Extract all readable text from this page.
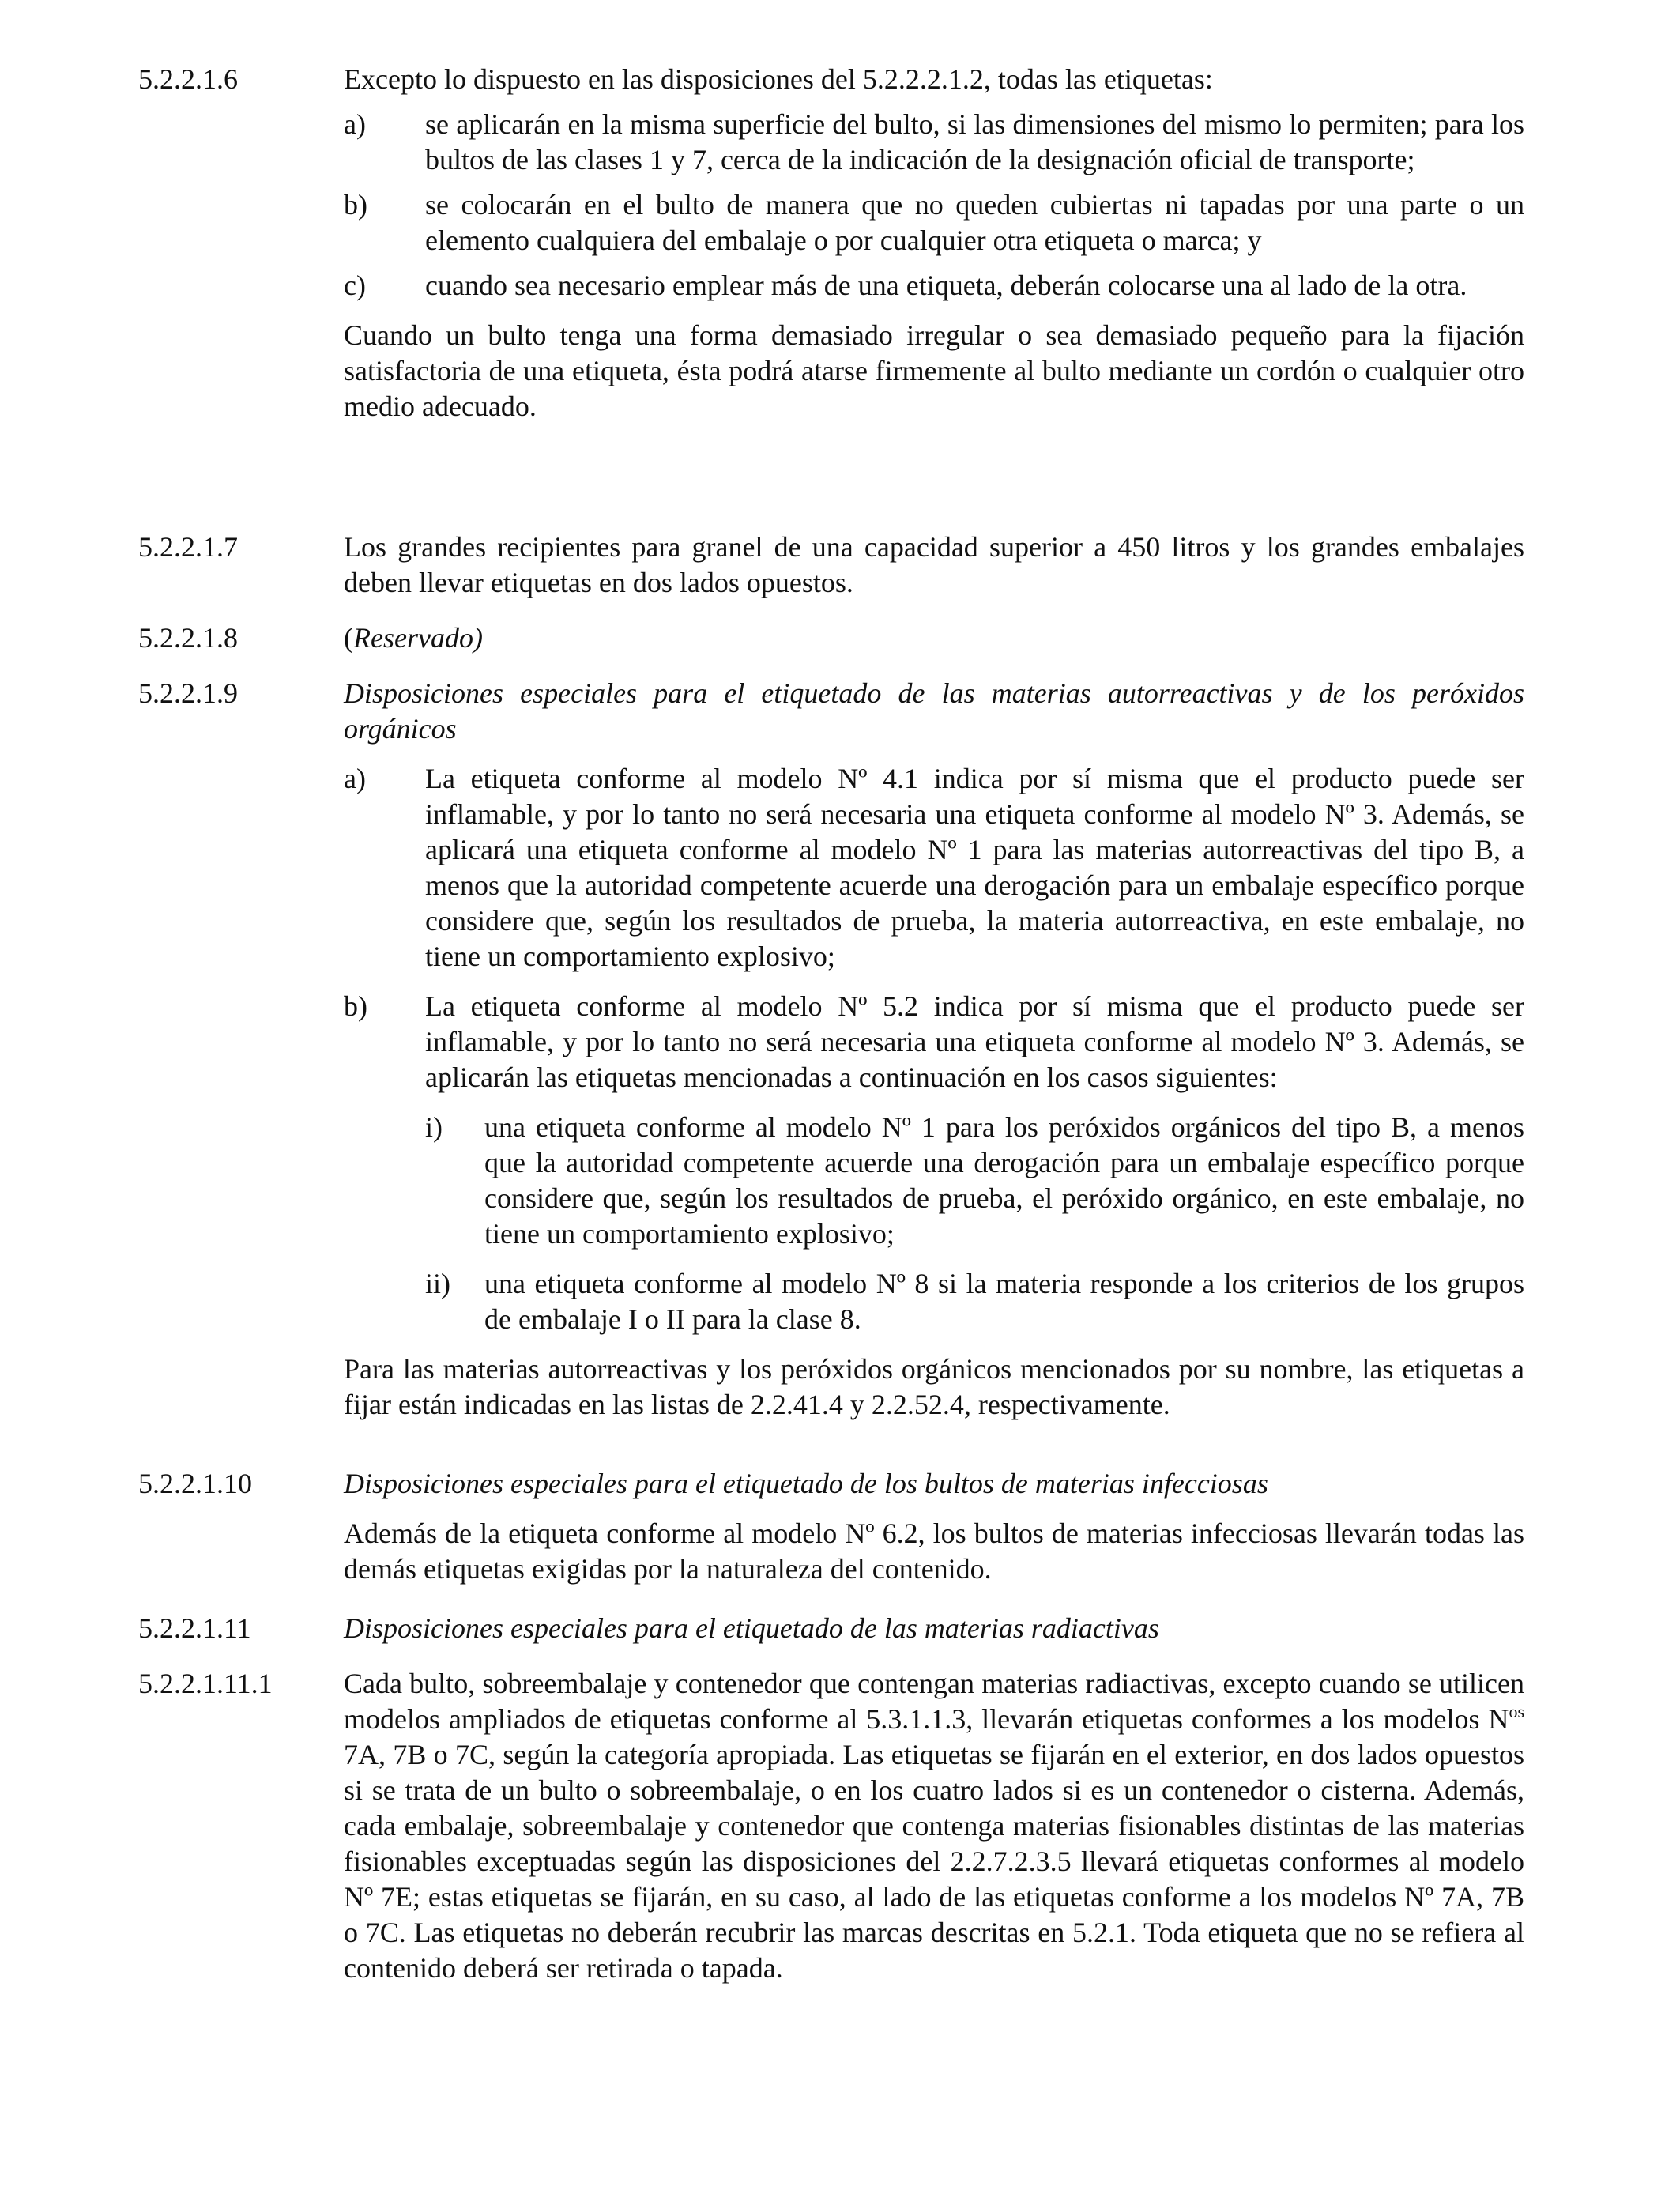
5.2.2.1.6	Excepto lo dispuesto en las disposiciones del 5.2.2.2.1.2, todas las etiquetas:
a) se aplicarán en la misma superficie del bulto, si las dimensiones del mismo lo permiten; para los bultos de las clases 1 y 7, cerca de la indicación de la designación oficial de transporte;
b) se colocarán en el bulto de manera que no queden cubiertas ni tapadas por una parte o un elemento cualquiera del embalaje o por cualquier otra etiqueta o marca; y
c) cuando sea necesario emplear más de una etiqueta, deberán colocarse una al lado de la otra.
Cuando un bulto tenga una forma demasiado irregular o sea demasiado pequeño para la fijación satisfactoria de una etiqueta, ésta podrá atarse firmemente al bulto mediante un cordón o cualquier otro medio adecuado.
5.2.2.1.7	Los grandes recipientes para granel de una capacidad superior a 450 litros y los grandes embalajes deben llevar etiquetas en dos lados opuestos.
5.2.2.1.8	(Reservado)
5.2.2.1.9	Disposiciones especiales para el etiquetado de las materias autorreactivas y de los peróxidos orgánicos
a) La etiqueta conforme al modelo Nº 4.1 indica por sí misma que el producto puede ser inflamable, y por lo tanto no será necesaria una etiqueta conforme al modelo Nº 3. Además, se aplicará una etiqueta conforme al modelo Nº 1 para las materias autorreactivas del tipo B, a menos que la autoridad competente acuerde una derogación para un embalaje específico porque considere que, según los resultados de prueba, la materia autorreactiva, en este embalaje, no tiene un comportamiento explosivo;
b) La etiqueta conforme al modelo Nº 5.2 indica por sí misma que el producto puede ser inflamable, y por lo tanto no será necesaria una etiqueta conforme al modelo Nº 3. Además, se aplicarán las etiquetas mencionadas a continuación en los casos siguientes:
i) una etiqueta conforme al modelo Nº 1 para los peróxidos orgánicos del tipo B, a menos que la autoridad competente acuerde una derogación para un embalaje específico porque considere que, según los resultados de prueba, el peróxido orgánico, en este embalaje, no tiene un comportamiento explosivo;
ii) una etiqueta conforme al modelo Nº 8 si la materia responde a los criterios de los grupos de embalaje I o II para la clase 8.
Para las materias autorreactivas y los peróxidos orgánicos mencionados por su nombre, las etiquetas a fijar están indicadas en las listas de 2.2.41.4 y 2.2.52.4, respectivamente.
5.2.2.1.10	Disposiciones especiales para el etiquetado de los bultos de materias infecciosas
Además de la etiqueta conforme al modelo Nº 6.2, los bultos de materias infecciosas llevarán todas las demás etiquetas exigidas por la naturaleza del contenido.
5.2.2.1.11	Disposiciones especiales para el etiquetado de las materias radiactivas
5.2.2.1.11.1	Cada bulto, sobreembalaje y contenedor que contengan materias radiactivas, excepto cuando se utilicen modelos ampliados de etiquetas conforme al 5.3.1.1.3, llevarán etiquetas conformes a los modelos $N^{os}$ 7A, 7B o 7C, según la categoría apropiada. Las etiquetas se fijarán en el exterior, en dos lados opuestos si se trata de un bulto o sobreembalaje, o en los cuatro lados si es un contenedor o cisterna. Además, cada embalaje, sobreembalaje y contenedor que contenga materias fisionables distintas de las materias fisionables exceptuadas según las disposiciones del 2.2.7.2.3.5 llevará etiquetas conformes al modelo Nº 7E; estas etiquetas se fijarán, en su caso, al lado de las etiquetas conforme a los modelos Nº 7A, 7B o 7C. Las etiquetas no deberán recubrir las marcas descritas en 5.2.1. Toda etiqueta que no se refiera al contenido deberá ser retirada o tapada.
